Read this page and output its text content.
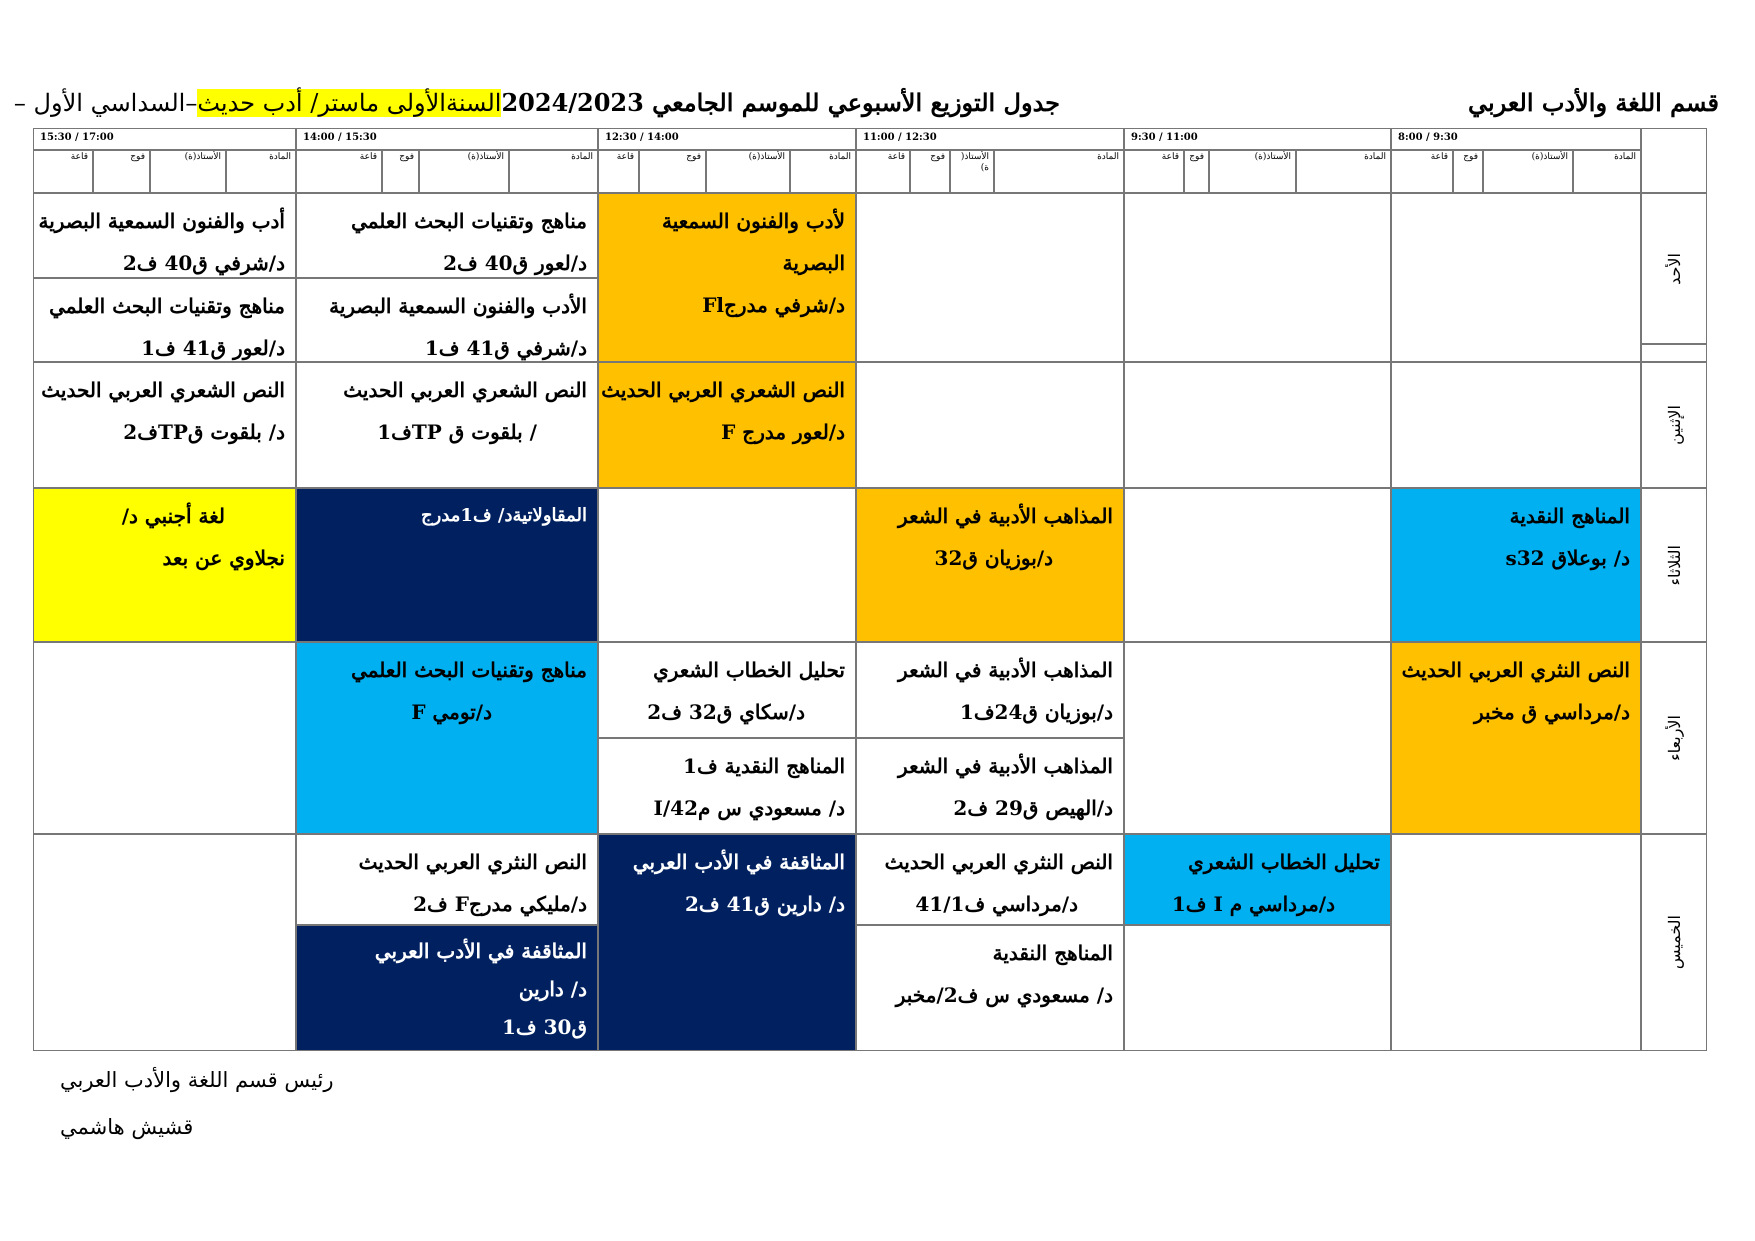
قسم اللغة والأدب العربي
جدول التوزيع الأسبوعي للموسم الجامعي 2024/2023السنةالأولى ماستر/ أدب حديث–السداسي الأول –
8:00 / 9:30
9:30 / 11:00
11:00 / 12:30
12:30 / 14:00
14:00 / 15:30
15:30 / 17:00
المادة
الأستاذ(ة)
فوج
قاعة
المادة
الأستاذ(ة)
فوج
قاعة
المادة
الأستاذ(
ة)
فوج
قاعة
المادة
الأستاذ(ة)
فوج
قاعة
المادة
الأستاذ(ة)
فوج
قاعة
المادة
الأستاذ(ة)
فوج
قاعة
الأحد
الإثنين
الثلاثاء
الأربعاء
الخميس
لأدب والفنون السمعية
البصرية
د/شرفي مدرجFl
مناهج وتقنيات البحث العلمي
د/لعور ق40 ف2
الأدب والفنون السمعية البصرية
د/شرفي ق41 ف1
أدب والفنون السمعية البصرية
د/شرفي ق40 ف2
مناهج وتقنيات البحث العلمي
د/لعور ق41 ف1
النص الشعري العربي الحديث
د/لعور مدرج F
النص الشعري العربي الحديث
/ بلقوت ق TPف1
النص الشعري العربي الحديث
د/ بلقوت قTPف2
المناهج النقدية
د/ بوعلاق s32
المذاهب الأدبية في الشعر
د/بوزيان ق32
المقاولاتيةد/ ف1مدرج
لغة أجنبي د/
نجلاوي عن بعد
النص النثري العربي الحديث
د/مرداسي ق مخبر
المذاهب الأدبية في الشعر
د/بوزيان ق24ف1
المذاهب الأدبية في الشعر
د/الهيص ق29 ف2
تحليل الخطاب الشعري
د/سكاي ق32 ف2
المناهج النقدية ف1
د/ مسعودي س م42/I
مناهج وتقنيات البحث العلمي
د/تومي F
تحليل الخطاب الشعري
د/مرداسي م I ف1
النص النثري العربي الحديث
د/مرداسي ف41/1
المناهج النقدية
د/ مسعودي س ف2/مخبر
المثاقفة في الأدب العربي
د/ دارين ق41 ف2
النص النثري العربي الحديث
د/مليكي مدرجF ف2
المثاقفة في الأدب العربي
د/ دارين
ق30 ف1
رئيس قسم اللغة والأدب العربي
قشيش هاشمي
